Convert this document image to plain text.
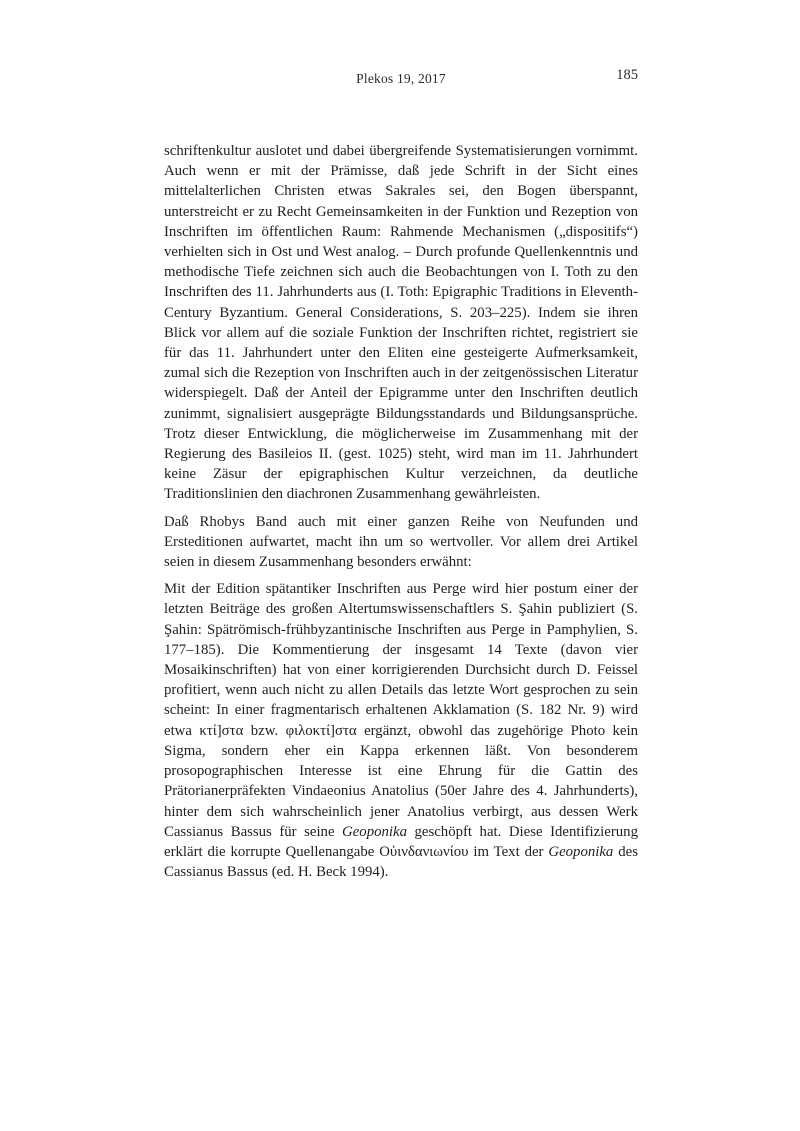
Plekos 19, 2017	185

schriftenkultur auslotet und dabei übergreifende Systematisierungen vornimmt. Auch wenn er mit der Prämisse, daß jede Schrift in der Sicht eines mittelalterlichen Christen etwas Sakrales sei, den Bogen überspannt, unterstreicht er zu Recht Gemeinsamkeiten in der Funktion und Rezeption von Inschriften im öffentlichen Raum: Rahmende Mechanismen („dispositifs“) verhielten sich in Ost und West analog. – Durch profunde Quellenkenntnis und methodische Tiefe zeichnen sich auch die Beobachtungen von I. Toth zu den Inschriften des 11. Jahrhunderts aus (I. Toth: Epigraphic Traditions in Eleventh-Century Byzantium. General Considerations, S. 203–225). Indem sie ihren Blick vor allem auf die soziale Funktion der Inschriften richtet, registriert sie für das 11. Jahrhundert unter den Eliten eine gesteigerte Aufmerksamkeit, zumal sich die Rezeption von Inschriften auch in der zeitgenössischen Literatur widerspiegelt. Daß der Anteil der Epigramme unter den Inschriften deutlich zunimmt, signalisiert ausgeprägte Bildungsstandards und Bildungsansprüche. Trotz dieser Entwicklung, die möglicherweise im Zusammenhang mit der Regierung des Basileios II. (gest. 1025) steht, wird man im 11. Jahrhundert keine Zäsur der epigraphischen Kultur verzeichnen, da deutliche Traditionslinien den diachronen Zusammenhang gewährleisten.

Daß Rhobys Band auch mit einer ganzen Reihe von Neufunden und Ersteditionen aufwartet, macht ihn um so wertvoller. Vor allem drei Artikel seien in diesem Zusammenhang besonders erwähnt:

Mit der Edition spätantiker Inschriften aus Perge wird hier postum einer der letzten Beiträge des großen Altertumswissenschaftlers S. Şahin publiziert (S. Şahin: Spätrömisch-frühbyzantinische Inschriften aus Perge in Pamphylien, S. 177–185). Die Kommentierung der insgesamt 14 Texte (davon vier Mosaikinschriften) hat von einer korrigierenden Durchsicht durch D. Feissel profitiert, wenn auch nicht zu allen Details das letzte Wort gesprochen zu sein scheint: In einer fragmentarisch erhaltenen Akklamation (S. 182 Nr. 9) wird etwa κτί]στα bzw. φιλοκτί]στα ergänzt, obwohl das zugehörige Photo kein Sigma, sondern eher ein Kappa erkennen läßt. Von besonderem prosopographischen Interesse ist eine Ehrung für die Gattin des Prätorianerpräfekten Vindaeonius Anatolius (50er Jahre des 4. Jahrhunderts), hinter dem sich wahrscheinlich jener Anatolius verbirgt, aus dessen Werk Cassianus Bassus für seine Geoponika geschöpft hat. Diese Identifizierung erklärt die korrupte Quellenangabe Οὐινδανιωνίου im Text der Geoponika des Cassianus Bassus (ed. H. Beck 1994).
